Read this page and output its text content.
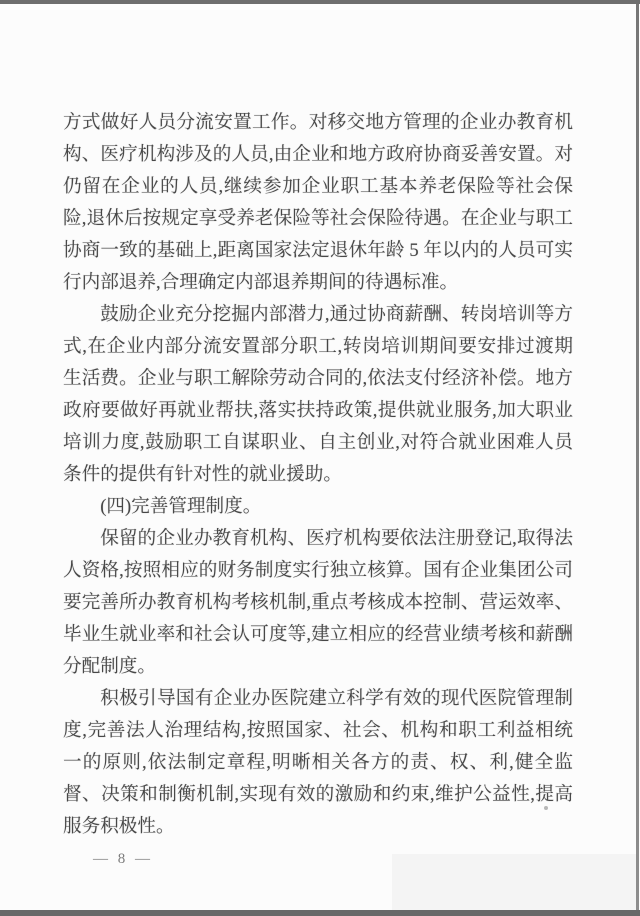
方式做好人员分流安置工作。对移交地方管理的企业办教育机构、医疗机构涉及的人员,由企业和地方政府协商妥善安置。对仍留在企业的人员,继续参加企业职工基本养老保险等社会保险,退休后按规定享受养老保险等社会保险待遇。在企业与职工协商一致的基础上,距离国家法定退休年龄 5 年以内的人员可实行内部退养,合理确定内部退养期间的待遇标准。

鼓励企业充分挖掘内部潜力,通过协商薪酬、转岗培训等方式,在企业内部分流安置部分职工,转岗培训期间要安排过渡期生活费。企业与职工解除劳动合同的,依法支付经济补偿。地方政府要做好再就业帮扶,落实扶持政策,提供就业服务,加大职业培训力度,鼓励职工自谋职业、自主创业,对符合就业困难人员条件的提供有针对性的就业援助。

(四)完善管理制度。

保留的企业办教育机构、医疗机构要依法注册登记,取得法人资格,按照相应的财务制度实行独立核算。国有企业集团公司要完善所办教育机构考核机制,重点考核成本控制、营运效率、毕业生就业率和社会认可度等,建立相应的经营业绩考核和薪酬分配制度。

积极引导国有企业办医院建立科学有效的现代医院管理制度,完善法人治理结构,按照国家、社会、机构和职工利益相统一的原则,依法制定章程,明晰相关各方的责、权、利,健全监督、决策和制衡机制,实现有效的激励和约束,维护公益性,提高服务积极性。

— 8 —
